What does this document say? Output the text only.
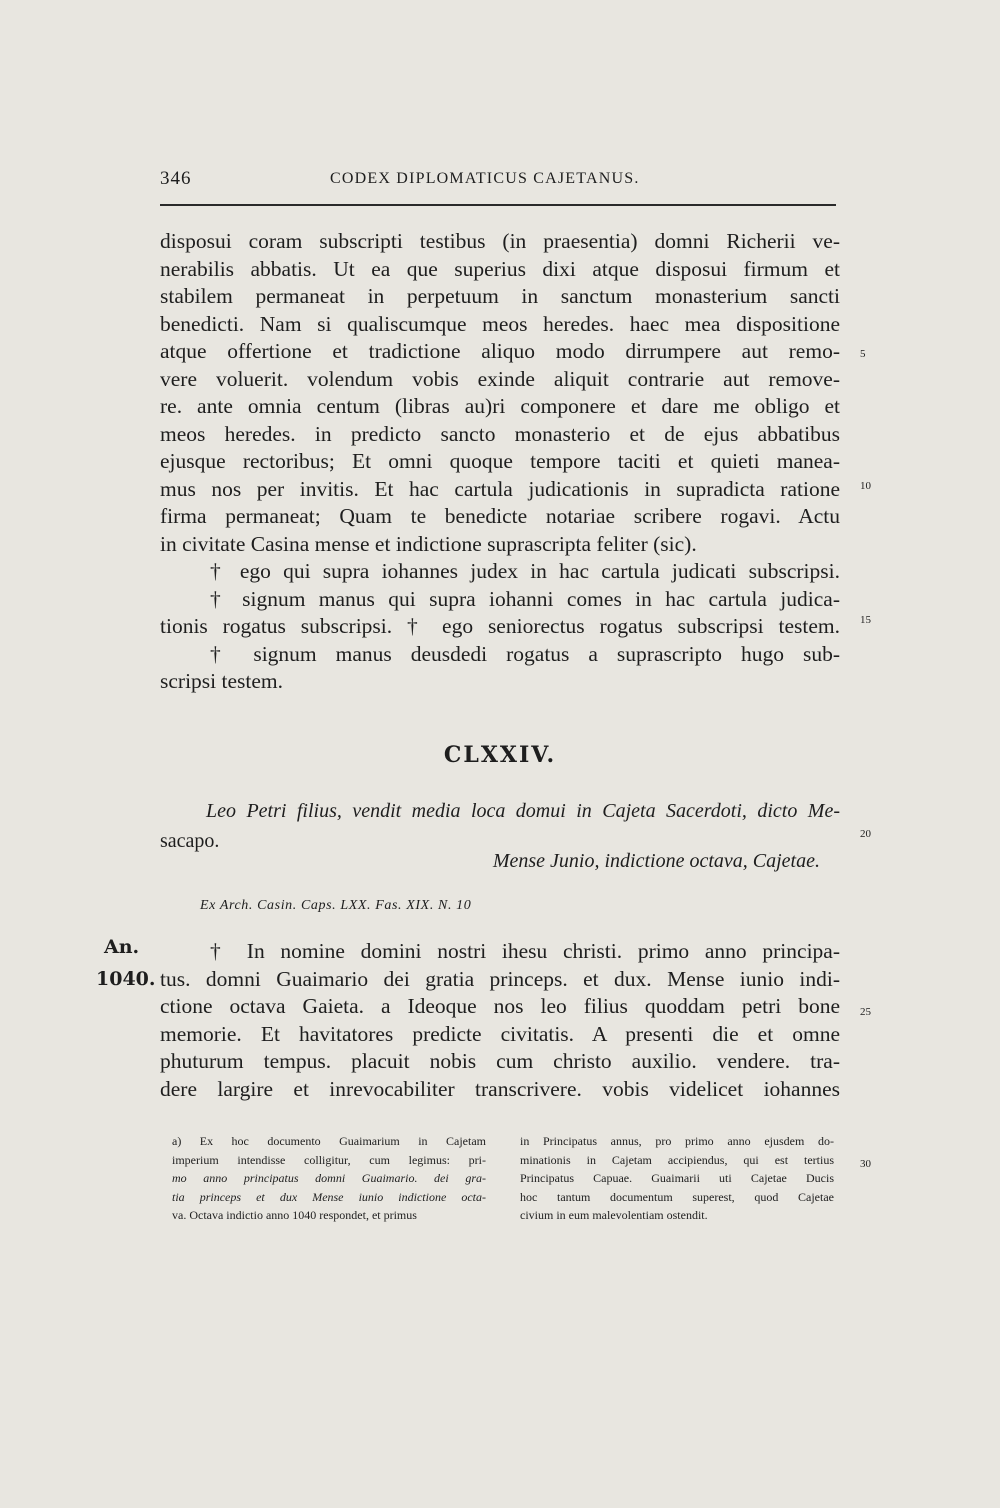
346	CODEX DIPLOMATICUS CAJETANUS.
disposui coram subscripti testibus (in praesentia) domni Richerii ve-
nerabilis abbatis. Ut ea que superius dixi atque disposui firmum et
stabilem permaneat in perpetuum in sanctum monasterium sancti
benedicti. Nam si qualiscumque meos heredes. haec mea dispositione
atque offertione et tradictione aliquo modo dirrumpere aut remo-
vere voluerit. volendum vobis exinde aliquit contrarie aut remove-
re. ante omnia centum (libras au)ri componere et dare me obligo et
meos heredes. in predicto sancto monasterio et de ejus abbatibus
ejusque rectoribus; Et omni quoque tempore taciti et quieti manea-
mus nos per invitis. Et hac cartula judicationis in supradicta ratione
firma permaneat; Quam te benedicte notariae scribere rogavi. Actu
in civitate Casina mense et indictione suprascripta feliter (sic).
† ego qui supra iohannes judex in hac cartula judicati subscripsi.
† signum manus qui supra iohanni comes in hac cartula judica-
tionis rogatus subscripsi. † ego seniorectus rogatus subscripsi testem.
† signum manus deusdedi rogatus a suprascripto hugo sub-
scripsi testem.
5
10
15
20
25
30
CLXXIV.
Leo Petri filius, vendit media loca domui in Cajeta Sacerdoti, dicto Me-
sacapo.
Mense Junio, indictione octava, Cajetae.
Ex Arch. Casin. Caps. LXX. Fas. XIX. N. 10
An.
1040.
† In nomine domini nostri ihesu christi. primo anno principa-
tus. domni Guaimario dei gratia princeps. et dux. Mense iunio indi-
ctione octava Gaieta. a Ideoque nos leo filius quoddam petri bone
memorie. Et havitatores predicte civitatis. A presenti die et omne
phuturum tempus. placuit nobis cum christo auxilio. vendere. tra-
dere largire et inrevocabiliter transcrivere. vobis videlicet iohannes
a) Ex hoc documento Guaimarium in Cajetam
imperium intendisse colligitur, cum legimus: pri-
mo anno principatus domni Guaimario. dei gra-
tia princeps et dux Mense iunio indictione octa-
va. Octava indictio anno 1040 respondet, et primus
in Principatus annus, pro primo anno ejusdem do-
minationis in Cajetam accipiendus, qui est tertius
Principatus Capuae. Guaimarii uti Cajetae Ducis
hoc tantum documentum superest, quod Cajetae
civium in eum malevolentiam ostendit.
